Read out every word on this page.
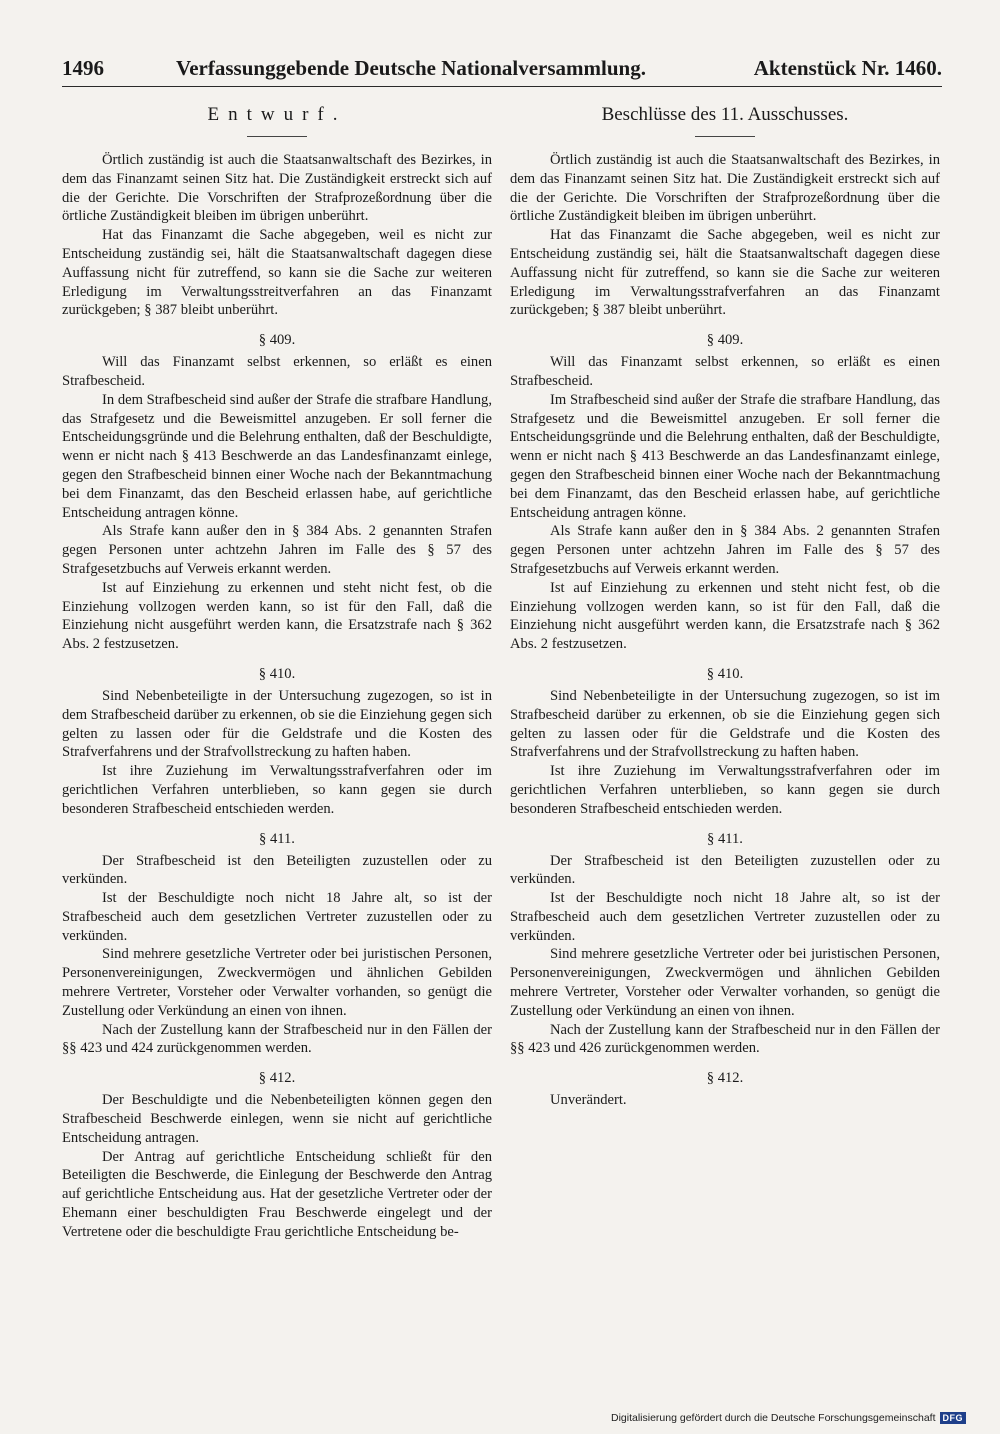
1496	Verfassunggebende Deutsche Nationalversammlung.	Aktenstück Nr. 1460.
Entwurf.

Örtlich zuständig ist auch die Staatsanwaltschaft des Bezirkes, in dem das Finanzamt seinen Sitz hat. Die Zuständigkeit erstreckt sich auf die der Gerichte. Die Vorschriften der Strafprozeßordnung über die örtliche Zuständigkeit bleiben im übrigen unberührt.

Hat das Finanzamt die Sache abgegeben, weil es nicht zur Entscheidung zuständig sei, hält die Staatsanwaltschaft dagegen diese Auffassung nicht für zutreffend, so kann sie die Sache zur weiteren Erledigung im Verwaltungsstreitverfahren an das Finanzamt zurückgeben; § 387 bleibt unberührt.

§ 409.

Will das Finanzamt selbst erkennen, so erläßt es einen Strafbescheid.

In dem Strafbescheid sind außer der Strafe die strafbare Handlung, das Strafgesetz und die Beweismittel anzugeben. Er soll ferner die Entscheidungsgründe und die Belehrung enthalten, daß der Beschuldigte, wenn er nicht nach § 413 Beschwerde an das Landesfinanzamt einlege, gegen den Strafbescheid binnen einer Woche nach der Bekanntmachung bei dem Finanzamt, das den Bescheid erlassen habe, auf gerichtliche Entscheidung antragen könne.

Als Strafe kann außer den in § 384 Abs. 2 genannten Strafen gegen Personen unter achtzehn Jahren im Falle des § 57 des Strafgesetzbuchs auf Verweis erkannt werden.

Ist auf Einziehung zu erkennen und steht nicht fest, ob die Einziehung vollzogen werden kann, so ist für den Fall, daß die Einziehung nicht ausgeführt werden kann, die Ersatzstrafe nach § 362 Abs. 2 festzusetzen.

§ 410.

Sind Nebenbeteiligte in der Untersuchung zugezogen, so ist in dem Strafbescheid darüber zu erkennen, ob sie die Einziehung gegen sich gelten zu lassen oder für die Geldstrafe und die Kosten des Strafverfahrens und der Strafvollstreckung zu haften haben.

Ist ihre Zuziehung im Verwaltungsstrafverfahren oder im gerichtlichen Verfahren unterblieben, so kann gegen sie durch besonderen Strafbescheid entschieden werden.

§ 411.

Der Strafbescheid ist den Beteiligten zuzustellen oder zu verkünden.

Ist der Beschuldigte noch nicht 18 Jahre alt, so ist der Strafbescheid auch dem gesetzlichen Vertreter zuzustellen oder zu verkünden.

Sind mehrere gesetzliche Vertreter oder bei juristischen Personen, Personenvereinigungen, Zweckvermögen und ähnlichen Gebilden mehrere Vertreter, Vorsteher oder Verwalter vorhanden, so genügt die Zustellung oder Verkündung an einen von ihnen.

Nach der Zustellung kann der Strafbescheid nur in den Fällen der §§ 423 und 424 zurückgenommen werden.

§ 412.

Der Beschuldigte und die Nebenbeteiligten können gegen den Strafbescheid Beschwerde einlegen, wenn sie nicht auf gerichtliche Entscheidung antragen.

Der Antrag auf gerichtliche Entscheidung schließt für den Beteiligten die Beschwerde, die Einlegung der Beschwerde den Antrag auf gerichtliche Entscheidung aus. Hat der gesetzliche Vertreter oder der Ehemann einer beschuldigten Frau Beschwerde eingelegt und der Vertretene oder die beschuldigte Frau gerichtliche Entscheidung be-

Beschlüsse des 11. Ausschusses.

Örtlich zuständig ist auch die Staatsanwaltschaft des Bezirkes, in dem das Finanzamt seinen Sitz hat. Die Zuständigkeit erstreckt sich auf die der Gerichte. Die Vorschriften der Strafprozeßordnung über die örtliche Zuständigkeit bleiben im übrigen unberührt.

Hat das Finanzamt die Sache abgegeben, weil es nicht zur Entscheidung zuständig sei, hält die Staatsanwaltschaft dagegen diese Auffassung nicht für zutreffend, so kann sie die Sache zur weiteren Erledigung im Verwaltungsstrafverfahren an das Finanzamt zurückgeben; § 387 bleibt unberührt.

§ 409.

Will das Finanzamt selbst erkennen, so erläßt es einen Strafbescheid.

Im Strafbescheid sind außer der Strafe die strafbare Handlung, das Strafgesetz und die Beweismittel anzugeben. Er soll ferner die Entscheidungsgründe und die Belehrung enthalten, daß der Beschuldigte, wenn er nicht nach § 413 Beschwerde an das Landesfinanzamt einlege, gegen den Strafbescheid binnen einer Woche nach der Bekanntmachung bei dem Finanzamt, das den Bescheid erlassen habe, auf gerichtliche Entscheidung antragen könne.

Als Strafe kann außer den in § 384 Abs. 2 genannten Strafen gegen Personen unter achtzehn Jahren im Falle des § 57 des Strafgesetzbuchs auf Verweis erkannt werden.

Ist auf Einziehung zu erkennen und steht nicht fest, ob die Einziehung vollzogen werden kann, so ist für den Fall, daß die Einziehung nicht ausgeführt werden kann, die Ersatzstrafe nach § 362 Abs. 2 festzusetzen.

§ 410.

Sind Nebenbeteiligte in der Untersuchung zugezogen, so ist im Strafbescheid darüber zu erkennen, ob sie die Einziehung gegen sich gelten zu lassen oder für die Geldstrafe und die Kosten des Strafverfahrens und der Strafvollstreckung zu haften haben.

Ist ihre Zuziehung im Verwaltungsstrafverfahren oder im gerichtlichen Verfahren unterblieben, so kann gegen sie durch besonderen Strafbescheid entschieden werden.

§ 411.

Der Strafbescheid ist den Beteiligten zuzustellen oder zu verkünden.

Ist der Beschuldigte noch nicht 18 Jahre alt, so ist der Strafbescheid auch dem gesetzlichen Vertreter zuzustellen oder zu verkünden.

Sind mehrere gesetzliche Vertreter oder bei juristischen Personen, Personenvereinigungen, Zweckvermögen und ähnlichen Gebilden mehrere Vertreter, Vorsteher oder Verwalter vorhanden, so genügt die Zustellung oder Verkündung an einen von ihnen.

Nach der Zustellung kann der Strafbescheid nur in den Fällen der §§ 423 und 426 zurückgenommen werden.

§ 412.

Unverändert.

Digitalisierung gefördert durch die Deutsche Forschungsgemeinschaft DFG
